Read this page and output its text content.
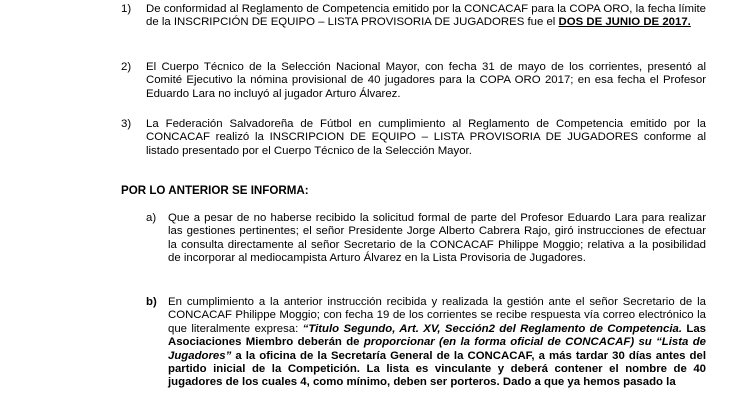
1) De conformidad al Reglamento de Competencia emitido por la CONCACAF para la COPA ORO, la fecha límite de la INSCRIPCIÓN DE EQUIPO – LISTA PROVISORIA DE JUGADORES fue el DOS DE JUNIO DE 2017.
2) El Cuerpo Técnico de la Selección Nacional Mayor, con fecha 31 de mayo de los corrientes, presentó al Comité Ejecutivo la nómina provisional de 40 jugadores para la COPA ORO 2017; en esa fecha el Profesor Eduardo Lara no incluyó al jugador Arturo Álvarez.
3) La Federación Salvadoreña de Fútbol en cumplimiento al Reglamento de Competencia emitido por la CONCACAF realizó la INSCRIPCION DE EQUIPO – LISTA PROVISORIA DE JUGADORES conforme al listado presentado por el Cuerpo Técnico de la Selección Mayor.
POR LO ANTERIOR SE INFORMA:
a) Que a pesar de no haberse recibido la solicitud formal de parte del Profesor Eduardo Lara para realizar las gestiones pertinentes; el señor Presidente Jorge Alberto Cabrera Rajo, giró instrucciones de efectuar la consulta directamente al señor Secretario de la CONCACAF Philippe Moggio; relativa a la posibilidad de incorporar al mediocampista Arturo Álvarez en la Lista Provisoria de Jugadores.
b) En cumplimiento a la anterior instrucción recibida y realizada la gestión ante el señor Secretario de la CONCACAF Philippe Moggio; con fecha 19 de los corrientes se recibe respuesta vía correo electrónico la que literalmente expresa: “Titulo Segundo, Art. XV, Sección2 del Reglamento de Competencia. Las Asociaciones Miembro deberán de proporcionar (en la forma oficial de CONCACAF) su “Lista de Jugadores” a la oficina de la Secretaría General de la CONCACAF, a más tardar 30 días antes del partido inicial de la Competición. La lista es vinculante y deberá contener el nombre de 40 jugadores de los cuales 4, como mínimo, deben ser porteros. Dado a que ya hemos pasado la
